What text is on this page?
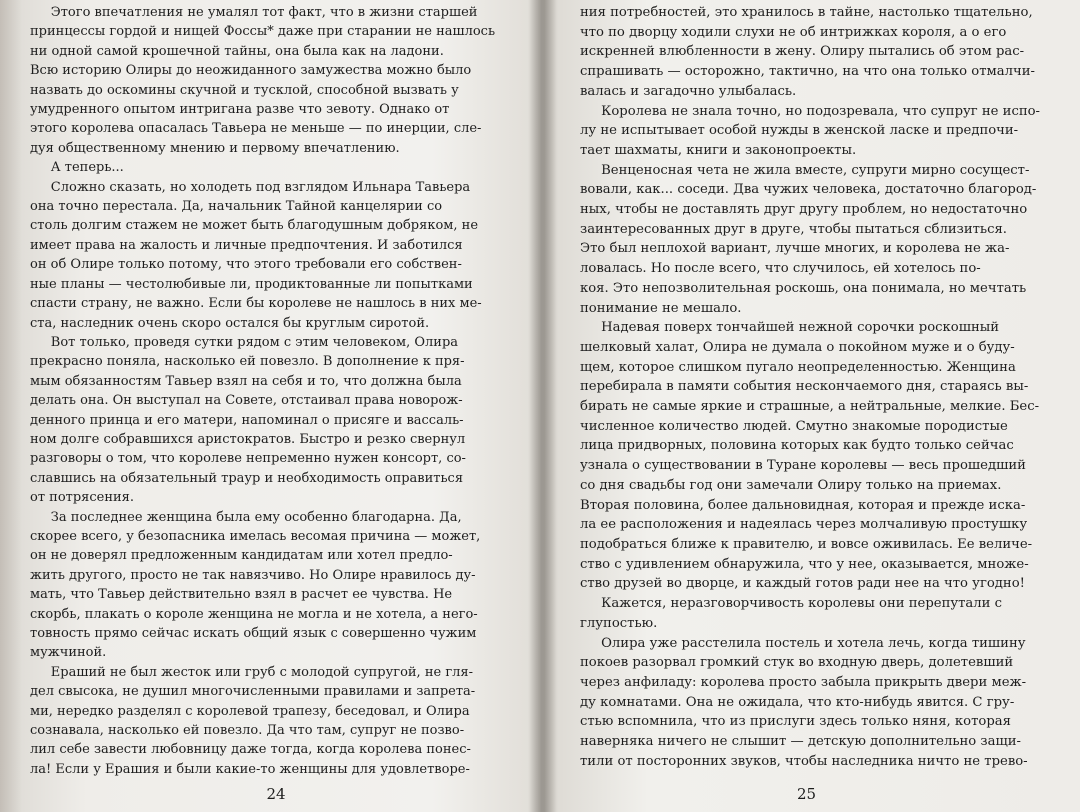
Этого впечатления не умалял тот факт, что в жизни старшей
принцессы гордой и нищей Фоссы* даже при старании не нашлось
ни одной самой крошечной тайны, она была как на ладони.
Всю историю Олиры до неожиданного замужества можно было
назвать до оскомины скучной и тусклой, способной вызвать у
умудренного опытом интригана разве что зевоту. Однако от
этого королева опасалась Тавьера не меньше — по инерции, сле-
дуя общественному мнению и первому впечатлению.

А теперь...

Сложно сказать, но холодеть под взглядом Ильнара Тавьера
она точно перестала. Да, начальник Тайной канцелярии со
столь долгим стажем не может быть благодушным добряком, не
имеет права на жалость и личные предпочтения. И заботился
он об Олире только потому, что этого требовали его собствен-
ные планы — честолюбивые ли, продиктованные ли попытками
спасти страну, не важно. Если бы королеве не нашлось в них ме-
ста, наследник очень скоро остался бы круглым сиротой.

Вот только, проведя сутки рядом с этим человеком, Олира
прекрасно поняла, насколько ей повезло. В дополнение к пря-
мым обязанностям Тавьер взял на себя и то, что должна была
делать она. Он выступал на Совете, отстаивал права новорож-
денного принца и его матери, напоминал о присяге и вассаль-
ном долге собравшихся аристократов. Быстро и резко свернул
разговоры о том, что королеве непременно нужен консорт, со-
славшись на обязательный траур и необходимость оправиться
от потрясения.

За последнее женщина была ему особенно благодарна. Да,
скорее всего, у безопасника имелась весомая причина — может,
он не доверял предложенным кандидатам или хотел предло-
жить другого, просто не так навязчиво. Но Олире нравилось ду-
мать, что Тавьер действительно взял в расчет ее чувства. Не
скорбь, плакать о короле женщина не могла и не хотела, а него-
товность прямо сейчас искать общий язык с совершенно чужим
мужчиной.

Ерaший не был жесток или груб с молодой супругой, не гля-
дел свысока, не душил многочисленными правилами и запрета-
ми, нередко разделял с королевой трапезу, беседовал, и Олира
сознавала, насколько ей повезло. Да что там, супруг не позво-
лил себе завести любовницу даже тогда, когда королева понес-
ла! Если у Ерашия и были какие-то женщины для удовлетворе-

24

ния потребностей, это хранилось в тайне, настолько тщательно,
что по дворцу ходили слухи не об интрижках короля, а о его
искренней влюбленности в жену. Олиру пытались об этом рас-
спрашивать — осторожно, тактично, на что она только отмалчи-
валась и загадочно улыбалась.

Королева не знала точно, но подозревала, что супруг не испо-
лу не испытывает особой нужды в женской ласке и предпочи-
тает шахматы, книги и законопроекты.

Венценосная чета не жила вместе, супруги мирно сосущест-
вовали, как... соседи. Два чужих человека, достаточно благород-
ных, чтобы не доставлять друг другу проблем, но недостаточно
заинтересованных друг в друге, чтобы пытаться сблизиться.
Это был неплохой вариант, лучше многих, и королева не жа-
ловалась. Но после всего, что случилось, ей хотелось по-
коя. Это непозволительная роскошь, она понимала, но мечтать
понимание не мешало.

Надевая поверх тончайшей нежной сорочки роскошный
шелковый халат, Олира не думала о покойном муже и о буду-
щем, которое слишком пугало неопределенностью. Женщина
перебирала в памяти события нескончаемого дня, стараясь вы-
бирать не самые яркие и страшные, а нейтральные, мелкие. Бес-
численное количество людей. Смутно знакомые породистые
лица придворных, половина которых как будто только сейчас
узнала о существовании в Туране королевы — весь прошедший
со дня свадьбы год они замечали Олиру только на приемах.
Вторая половина, более дальновидная, которая и прежде иска-
ла ее расположения и надеялась через молчаливую простушку
подобраться ближе к правителю, и вовсе оживилась. Ее величе-
ство с удивлением обнаружила, что у нее, оказывается, множе-
ство друзей во дворце, и каждый готов ради нее на что угодно!

Кажется, неразговорчивость королевы они перепутали с
глупостью.

Олира уже расстелила постель и хотела лечь, когда тишину
покоев разорвал громкий стук во входную дверь, долетевший
через анфиладу: королева просто забыла прикрыть двери меж-
ду комнатами. Она не ожидала, что кто-нибудь явится. С гру-
стью вспомнила, что из прислуги здесь только няня, которая
наверняка ничего не слышит — детскую дополнительно защи-
тили от посторонних звуков, чтобы наследника ничто не трево-

25
